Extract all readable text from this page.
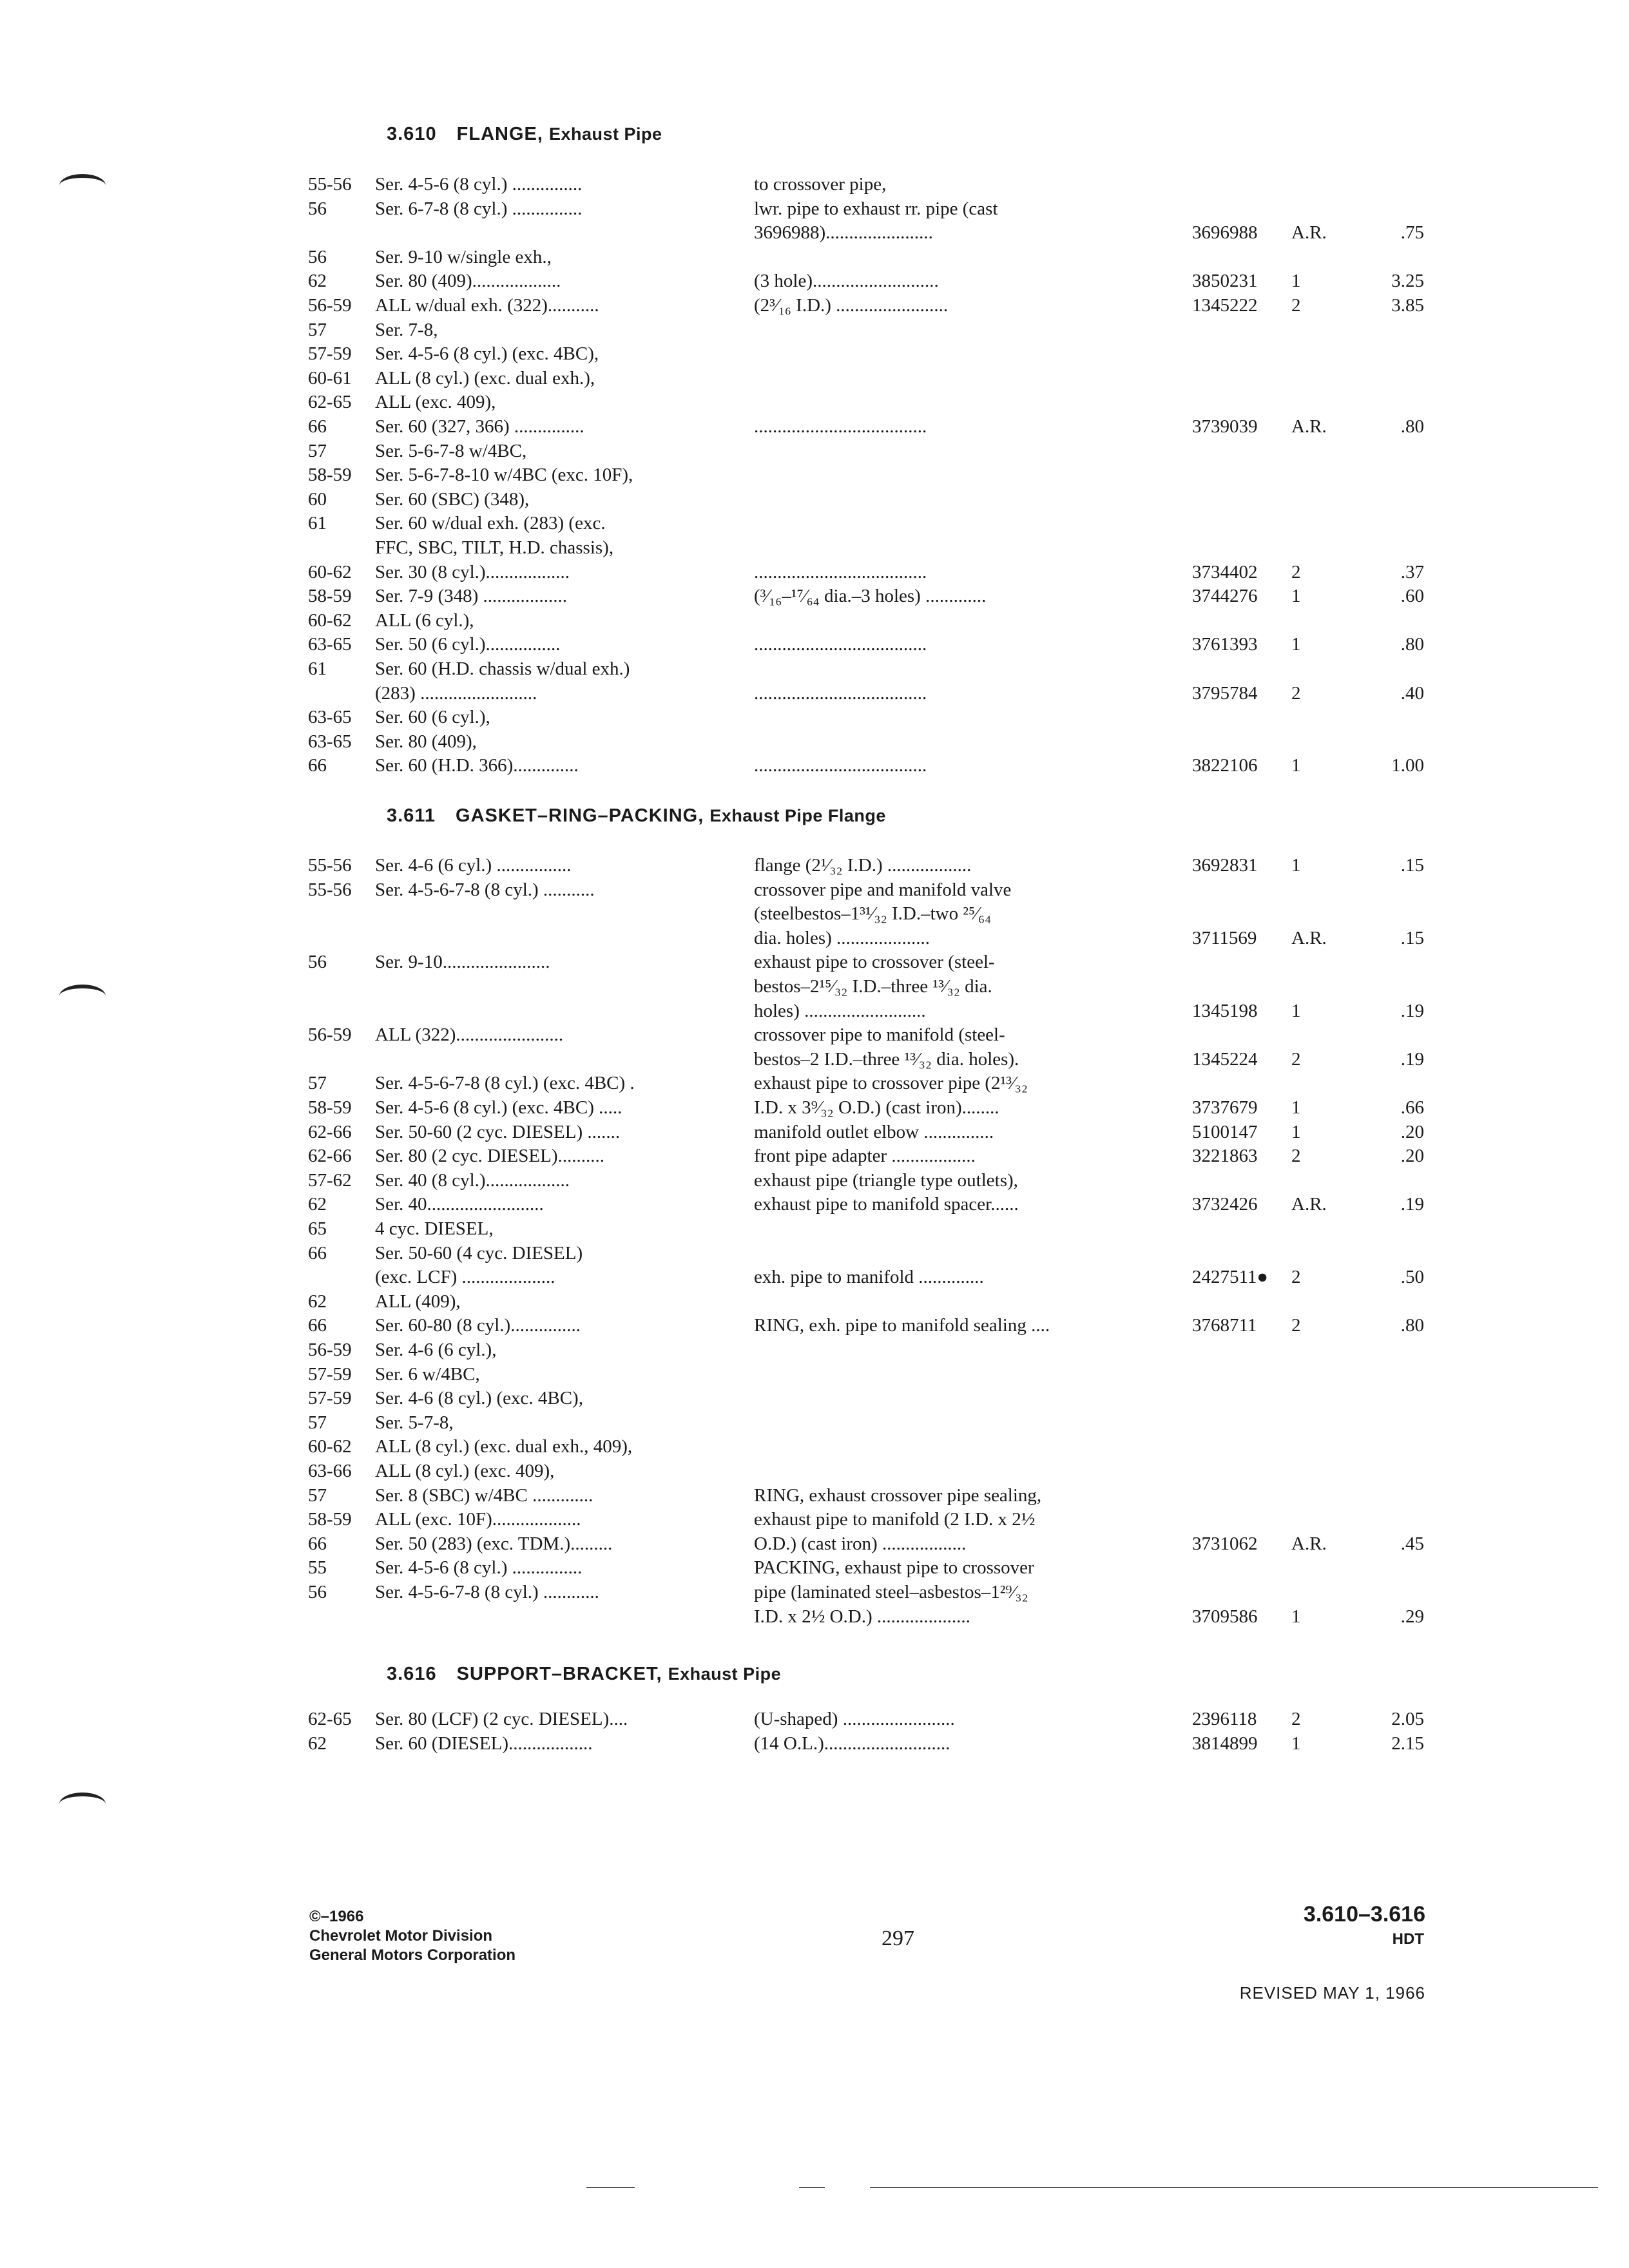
3.610 FLANGE, Exhaust Pipe
55-56 Ser. 4-5-6 (8 cyl.) ...............	to crossover pipe,
56	Ser. 6-7-8 (8 cyl.) ...............	lwr. pipe to exhaust rr. pipe (cast
3696988).......................	3696988 A.R.	.75
56	Ser. 9-10 w/single exh.,
62	Ser. 80 (409)...................	(3 hole)...........................	3850231 1	3.25
56-59 ALL w/dual exh. (322)...........	(2³⁄₁₆ I.D.) ........................	1345222 2	3.85
57	Ser. 7-8,
57-59 Ser. 4-5-6 (8 cyl.) (exc. 4BC),
60-61 ALL (8 cyl.) (exc. dual exh.),
62-65 ALL (exc. 409),
66	Ser. 60 (327, 366) ...............	.....................................	3739039 A.R.	.80
57	Ser. 5-6-7-8 w/4BC,
58-59 Ser. 5-6-7-8-10 w/4BC (exc. 10F),
60	Ser. 60 (SBC) (348),
61	Ser. 60 w/dual exh. (283) (exc.
FFC, SBC, TILT, H.D. chassis),
60-62 Ser. 30 (8 cyl.)..................	.....................................	3734402 2	.37
58-59 Ser. 7-9 (348) ..................	(³⁄₁₆–¹⁷⁄₆₄ dia.–3 holes) .............	3744276 1	.60
60-62 ALL (6 cyl.),
63-65 Ser. 50 (6 cyl.)................	.....................................	3761393 1	.80
61	Ser. 60 (H.D. chassis w/dual exh.)
(283) .........................	.....................................	3795784 2	.40
63-65 Ser. 60 (6 cyl.),
63-65 Ser. 80 (409),
66	Ser. 60 (H.D. 366)..............	.....................................	3822106 1	1.00
3.611 GASKET–RING–PACKING, Exhaust Pipe Flange
55-56 Ser. 4-6 (6 cyl.) ................	flange (2¹⁄₃₂ I.D.) ..................	3692831 1	.15
55-56 Ser. 4-5-6-7-8 (8 cyl.) ...........	crossover pipe and manifold valve
(steelbestos–1³¹⁄₃₂ I.D.–two ²⁵⁄₆₄
dia. holes) ....................	3711569 A.R.	.15
56	Ser. 9-10.......................	exhaust pipe to crossover (steel-
bestos–2¹⁵⁄₃₂ I.D.–three ¹³⁄₃₂ dia.
holes) ..........................	1345198 1	.19
56-59 ALL (322).......................	crossover pipe to manifold (steel-
bestos–2 I.D.–three ¹³⁄₃₂ dia. holes).	1345224 2	.19
57	Ser. 4-5-6-7-8 (8 cyl.) (exc. 4BC) .	exhaust pipe to crossover pipe (2¹³⁄₃₂
58-59 Ser. 4-5-6 (8 cyl.) (exc. 4BC) .....	I.D. x 3⁹⁄₃₂ O.D.) (cast iron)........	3737679 1	.66
62-66 Ser. 50-60 (2 cyc. DIESEL) .......	manifold outlet elbow ...............	5100147 1	.20
62-66 Ser. 80 (2 cyc. DIESEL)..........	front pipe adapter ..................	3221863 2	.20
57-62 Ser. 40 (8 cyl.)..................	exhaust pipe (triangle type outlets),
62	Ser. 40.........................	exhaust pipe to manifold spacer......	3732426 A.R.	.19
65	4 cyc. DIESEL,
66	Ser. 50-60 (4 cyc. DIESEL)
(exc. LCF) ....................	exh. pipe to manifold ..............	2427511● 2	.50
62	ALL (409),
66	Ser. 60-80 (8 cyl.)...............	RING, exh. pipe to manifold sealing ....	3768711 2	.80
56-59 Ser. 4-6 (6 cyl.),
57-59 Ser. 6 w/4BC,
57-59 Ser. 4-6 (8 cyl.) (exc. 4BC),
57	Ser. 5-7-8,
60-62 ALL (8 cyl.) (exc. dual exh., 409),
63-66 ALL (8 cyl.) (exc. 409),
57	Ser. 8 (SBC) w/4BC .............	RING, exhaust crossover pipe sealing,
58-59 ALL (exc. 10F)...................	exhaust pipe to manifold (2 I.D. x 2½
66	Ser. 50 (283) (exc. TDM.).........	O.D.) (cast iron) ..................	3731062 A.R.	.45
55	Ser. 4-5-6 (8 cyl.) ...............	PACKING, exhaust pipe to crossover
56	Ser. 4-5-6-7-8 (8 cyl.) ............	pipe (laminated steel–asbestos–1²⁹⁄₃₂
I.D. x 2½ O.D.) ....................	3709586 1	.29
3.616 SUPPORT–BRACKET, Exhaust Pipe
62-65 Ser. 80 (LCF) (2 cyc. DIESEL)....	(U-shaped) ........................	2396118 2	2.05
62	Ser. 60 (DIESEL)..................	(14 O.L.)...........................	3814899 1	2.15
©–1966
Chevrolet Motor Division
General Motors Corporation
297
3.610–3.616
HDT
REVISED MAY 1, 1966
